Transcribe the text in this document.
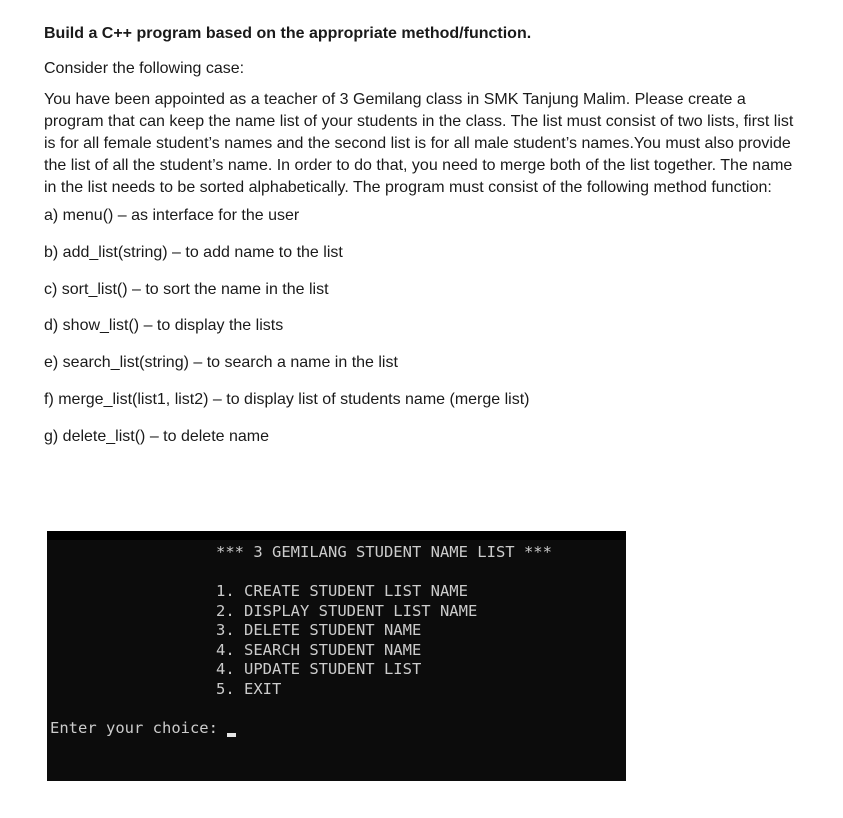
Build a C++ program based on the appropriate method/function.

Consider the following case:

You have been appointed as a teacher of 3 Gemilang class in SMK Tanjung Malim. Please create a program that can keep the name list of your students in the class. The list must consist of two lists, first list is for all female student’s names and the second list is for all male student’s names.You must also provide the list of all the student’s name. In order to do that, you need to merge both of the list together. The name in the list needs to be sorted alphabetically. The program must consist of the following method function:

a) menu() – as interface for the user
b) add_list(string) – to add name to the list
c) sort_list() – to sort the name in the list
d) show_list() – to display the lists
e) search_list(string) – to search a name in the list
f) merge_list(list1, list2) – to display list of students name (merge list)
g) delete_list() – to delete name
*** 3 GEMILANG STUDENT NAME LIST ***
1. CREATE STUDENT LIST NAME
2. DISPLAY STUDENT LIST NAME
3. DELETE STUDENT NAME
4. SEARCH STUDENT NAME
4. UPDATE STUDENT LIST
5. EXIT
Enter your choice:
